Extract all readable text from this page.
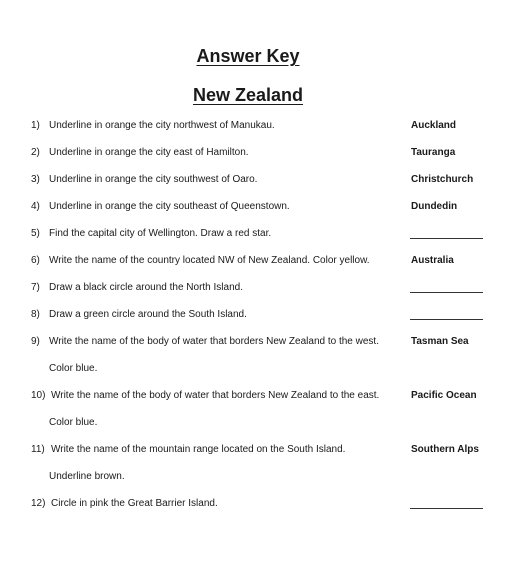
Answer Key
New Zealand
1) Underline in orange the city northwest of Manukau.	Auckland
2) Underline in orange the city east of Hamilton.	Tauranga
3) Underline in orange the city southwest of Oaro.	Christchurch
4) Underline in orange the city southeast of Queenstown.	Dundedin
5) Find the capital city of Wellington. Draw a red star.
6) Write the name of the country located NW of New Zealand. Color yellow.	Australia
7) Draw a black circle around the North Island.
8) Draw a green circle around the South Island.
9) Write the name of the body of water that borders New Zealand to the west.	Tasman Sea
Color blue.
10) Write the name of the body of water that borders New Zealand to the east.	Pacific Ocean
Color blue.
11) Write the name of the mountain range located on the South Island.	Southern Alps
Underline brown.
12) Circle in pink the Great Barrier Island.
